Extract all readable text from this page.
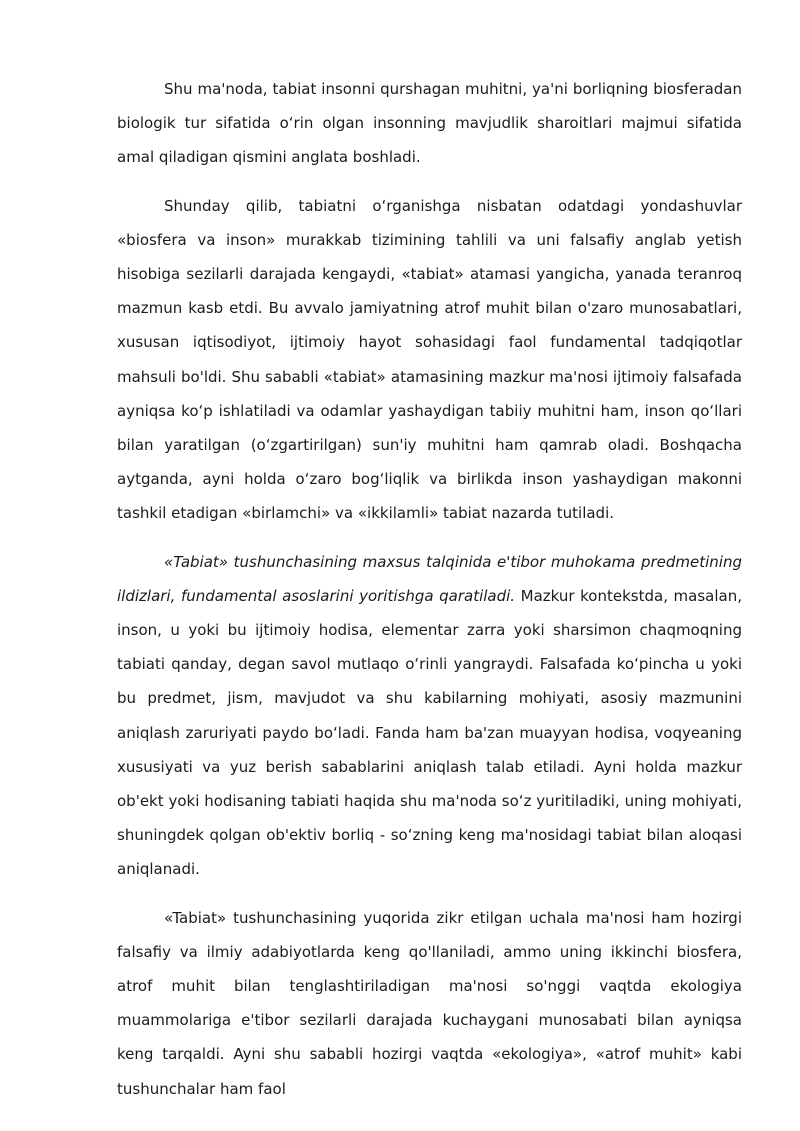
Shu ma'noda, tabiat insonni qurshagan muhitni, ya'ni borliqning biosferadan biologik tur sifatida oʻrin olgan insonning mavjudlik sharoitlari majmui sifatida amal qiladigan qismini anglata boshladi.

Shunday qilib, tabiatni oʻrganishga nisbatan odatdagi yondashuvlar «biosfera va inson» murakkab tizimining tahlili va uni falsafiy anglab yetish hisobiga sezilarli darajada kengaydi, «tabiat» atamasi yangicha, yanada teranroq mazmun kasb etdi. Bu avvalo jamiyatning atrof muhit bilan o'zaro munosabatlari, xususan iqtisodiyot, ijtimoiy hayot sohasidagi faol fundamental tadqiqotlar mahsuli bo'ldi. Shu sababli «tabiat» atamasining mazkur ma'nosi ijtimoiy falsafada ayniqsa koʻp ishlatiladi va odamlar yashaydigan tabiiy muhitni ham, inson qoʻllari bilan yaratilgan (oʻzgartirilgan) sun'iy muhitni ham qamrab oladi. Boshqacha aytganda, ayni holda oʻzaro bogʻliqlik va birlikda inson yashaydigan makonni tashkil etadigan «birlamchi» va «ikkilamli» tabiat nazarda tutiladi.

«Tabiat» tushunchasining maxsus talqinida e'tibor muhokama predmetining ildizlari, fundamental asoslarini yoritishga qaratiladi. Mazkur kontekstda, masalan, inson, u yoki bu ijtimoiy hodisa, elementar zarra yoki sharsimon chaqmoqning tabiati qanday, degan savol mutlaqo oʻrinli yangraydi. Falsafada koʻpincha u yoki bu predmet, jism, mavjudot va shu kabilarning mohiyati, asosiy mazmunini aniqlash zaruriyati paydo boʻladi. Fanda ham ba'zan muayyan hodisa, voqyeaning xususiyati va yuz berish sabablarini aniqlash talab etiladi. Ayni holda mazkur ob'ekt yoki hodisaning tabiati haqida shu ma'noda soʻz yuritiladiki, uning mohiyati, shuningdek qolgan ob'ektiv borliq - soʻzning keng ma'nosidagi tabiat bilan aloqasi aniqlanadi.

«Tabiat» tushunchasining yuqorida zikr etilgan uchala ma'nosi ham hozirgi falsafiy va ilmiy adabiyotlarda keng qo'llaniladi, ammo uning ikkinchi biosfera, atrof muhit bilan tenglashtiriladigan ma'nosi so'nggi vaqtda ekologiya muammolariga e'tibor sezilarli darajada kuchaygani munosabati bilan ayniqsa keng tarqaldi. Ayni shu sababli hozirgi vaqtda «ekologiya», «atrof muhit» kabi tushunchalar ham faol
